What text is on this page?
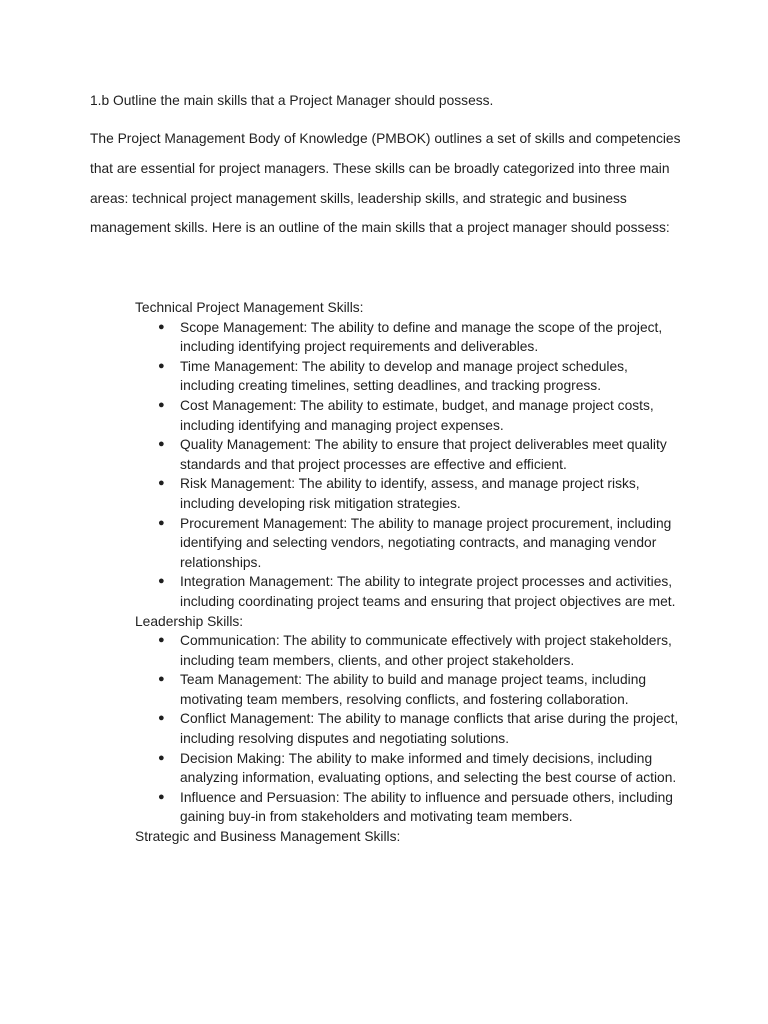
1.b Outline the main skills that a Project Manager should possess.

The Project Management Body of Knowledge (PMBOK) outlines a set of skills and competencies that are essential for project managers. These skills can be broadly categorized into three main areas: technical project management skills, leadership skills, and strategic and business management skills. Here is an outline of the main skills that a project manager should possess:

Technical Project Management Skills:

● Scope Management: The ability to define and manage the scope of the project, including identifying project requirements and deliverables.
● Time Management: The ability to develop and manage project schedules, including creating timelines, setting deadlines, and tracking progress.
● Cost Management: The ability to estimate, budget, and manage project costs, including identifying and managing project expenses.
● Quality Management: The ability to ensure that project deliverables meet quality standards and that project processes are effective and efficient.
● Risk Management: The ability to identify, assess, and manage project risks, including developing risk mitigation strategies.
● Procurement Management: The ability to manage project procurement, including identifying and selecting vendors, negotiating contracts, and managing vendor relationships.
● Integration Management: The ability to integrate project processes and activities, including coordinating project teams and ensuring that project objectives are met.

Leadership Skills:

● Communication: The ability to communicate effectively with project stakeholders, including team members, clients, and other project stakeholders.
● Team Management: The ability to build and manage project teams, including motivating team members, resolving conflicts, and fostering collaboration.
● Conflict Management: The ability to manage conflicts that arise during the project, including resolving disputes and negotiating solutions.
● Decision Making: The ability to make informed and timely decisions, including analyzing information, evaluating options, and selecting the best course of action.
● Influence and Persuasion: The ability to influence and persuade others, including gaining buy-in from stakeholders and motivating team members.

Strategic and Business Management Skills:
